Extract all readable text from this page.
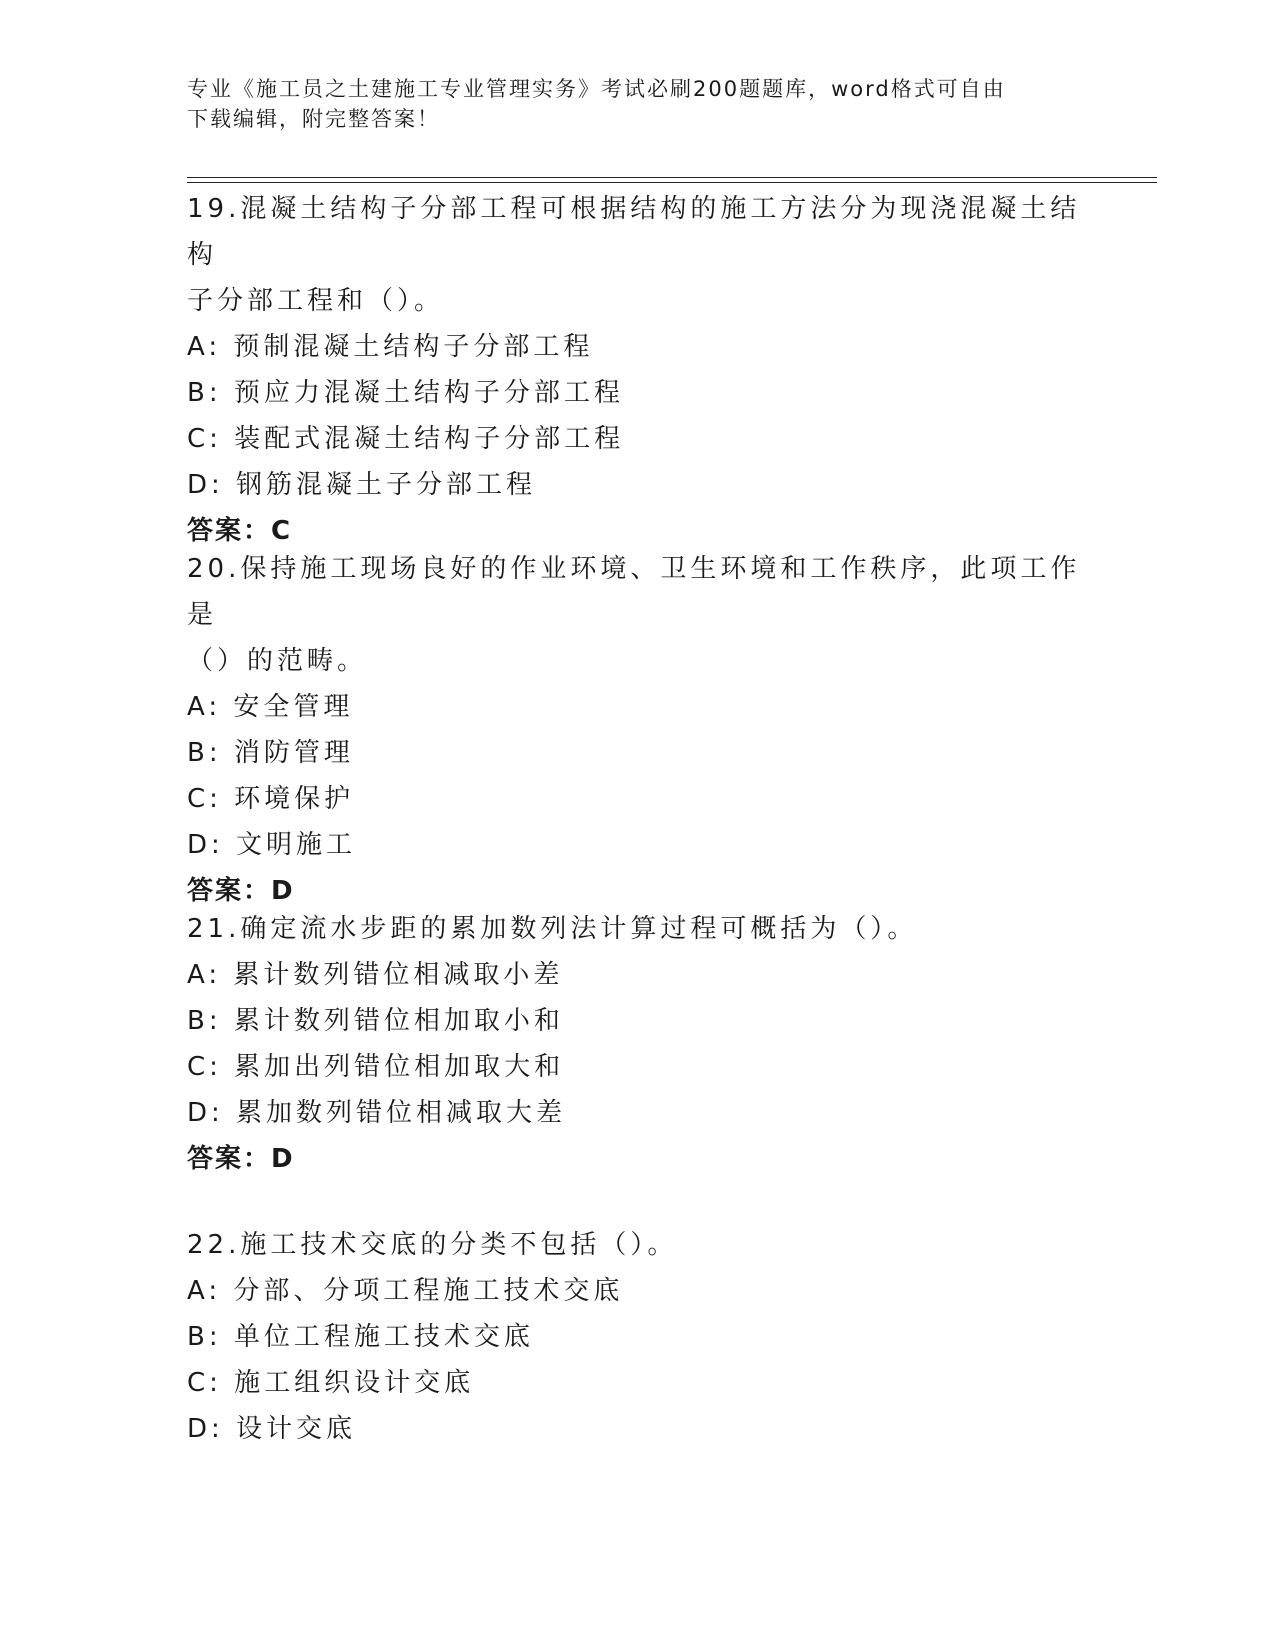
专业《施工员之土建施工专业管理实务》考试必刷200题题库，word格式可自由
下载编辑，附完整答案！
19.混凝土结构子分部工程可根据结构的施工方法分为现浇混凝土结构
子分部工程和（）。
A: 预制混凝土结构子分部工程
B: 预应力混凝土结构子分部工程
C: 装配式混凝土结构子分部工程
D: 钢筋混凝土子分部工程
答案：C
20.保持施工现场良好的作业环境、卫生环境和工作秩序，此项工作是
（）的范畴。
A: 安全管理
B: 消防管理
C: 环境保护
D: 文明施工
答案：D
21.确定流水步距的累加数列法计算过程可概括为（）。
A: 累计数列错位相减取小差
B: 累计数列错位相加取小和
C: 累加出列错位相加取大和
D: 累加数列错位相减取大差
答案：D
22.施工技术交底的分类不包括（）。
A: 分部、分项工程施工技术交底
B: 单位工程施工技术交底
C: 施工组织设计交底
D: 设计交底
